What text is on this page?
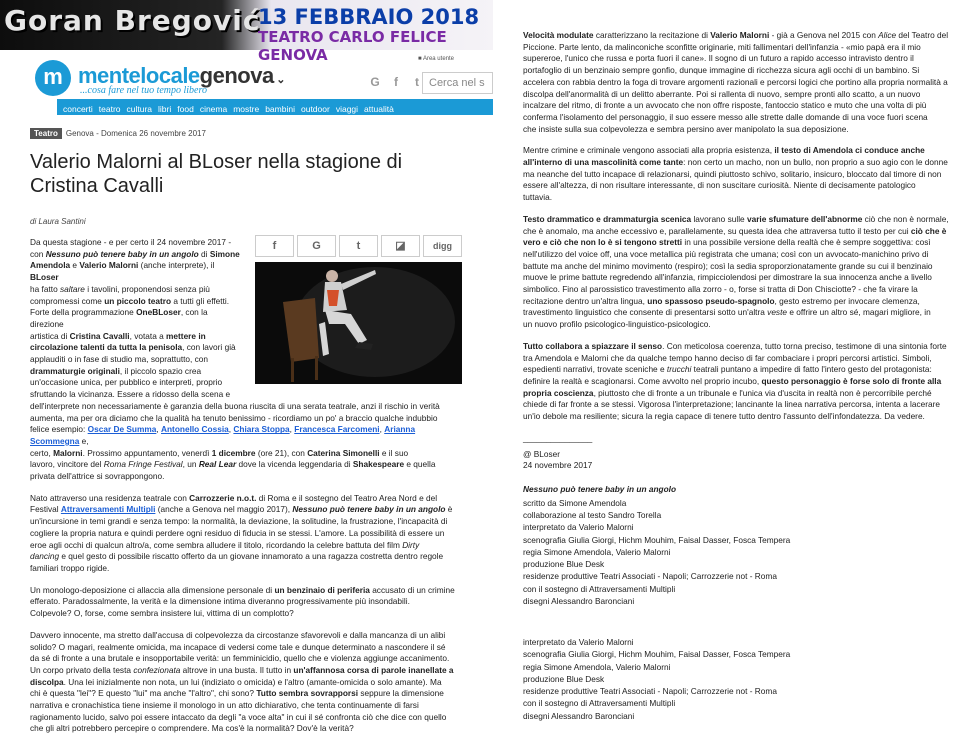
Goran Bregović
13 FEBBRAIO 2018
TEATRO CARLO FELICE GENOVA
m mentelocalegenova ⌄
...cosa fare nel tuo tempo libero
■ Area utente
G f t Cerca nel s
concerti teatro cultura libri food cinema mostre bambini outdoor viaggi attualità
f	G	t	◪	digg
Teatro Genova - Domenica 26 novembre 2017
Valerio Malorni al BLoser nella stagione di Cristina Cavalli
di Laura Santini
Da questa stagione - e per certo il 24 novembre 2017 -
con Nessuno può tenere baby in un angolo di Simone
Amendola e Valerio Malorni (anche interprete), il BLoser
ha fatto saltare i tavolini, proponendosi senza più
compromessi come un piccolo teatro a tutti gli effetti.
Forte della programmazione OneBLoser, con la direzione
artistica di Cristina Cavalli, votata a mettere in
circolazione talenti da tutta la penisola, con lavori già
applauditi o in fase di studio ma, soprattutto, con
drammaturgie originali, il piccolo spazio crea
un'occasione unica, per pubblico e interpreti, proprio
sfruttando la vicinanza. Essere a ridosso della scena e
dell'interprete non necessariamente è garanzia della buona riuscita di una serata teatrale, anzi il rischio in verità
aumenta, ma per ora diciamo che la qualità ha tenuto benissimo - ricordiamo un po' a braccio qualche indubbio
felice esempio: Oscar De Summa, Antonello Cossia, Chiara Stoppa, Francesca Farcomeni, Arianna Scommegna e,
certo, Malorni. Prossimo appuntamento, venerdì 1 dicembre (ore 21), con Caterina Simonelli e il suo
lavoro, vincitore del Roma Fringe Festival, un Real Lear dove la vicenda leggendaria di Shakespeare e quella
privata dell'attrice si sovrappongono.

Nato attraverso una residenza teatrale con Carrozzerie n.o.t. di Roma e il sostegno del Teatro Area Nord e del
Festival Attraversamenti Multipli (anche a Genova nel maggio 2017), Nessuno può tenere baby in un angolo è
un'incursione in temi grandi e senza tempo: la normalità, la deviazione, la solitudine, la frustrazione, l'incapacità di
cogliere la propria natura e quindi perdere ogni residuo di fiducia in se stessi. L'amore. La possibilità di essere un
eroe agli occhi di qualcun altro/a, come sembra alludere il titolo, ricordando la celebre battuta del film Dirty
dancing e quel gesto di possibile riscatto offerto da un giovane innamorato a una ragazza costretta dentro regole
familiari troppo rigide.

Un monologo-deposizione ci allaccia alla dimensione personale di un benzinaio di periferia accusato di un crimine
efferato. Paradossalmente, la verità e la dimensione intima diveranno progressivamente più insondabili.
Colpevole? O, forse, come sembra insistere lui, vittima di un complotto?

Davvero innocente, ma stretto dall'accusa di colpevolezza da circostanze sfavorevoli e dalla mancanza di un alibi
solido? O magari, realmente omicida, ma incapace di vedersi come tale e dunque determinato a nascondere il sé
da sé di fronte a una brutale e insopportabile verità: un femminicidio, quello che e violenza aggiunge accanimento.
Un corpo privato della testa confezionata altrove in una busta. Il tutto in un'affannosa corsa di parole inanellate a
discolpa. Una lei inizialmente non nota, un lui (indiziato o omicida) e l'altro (amante-omicida o solo amante). Ma
chi è questa "lei"? E questo "lui" ma anche "l'altro", chi sono? Tutto sembra sovrapporsi seppure la dimensione
narrativa e cronachistica tiene insieme il monologo in un atto dichiarativo, che tenta continuamente di farsi
ragionamento lucido, salvo poi essere intaccato da degli "a voce alta" in cui il sé confronta ciò che dice con quello
che gli altri potrebbero percepire o comprendere. Ma cos'è la normalità? Dov'è la verità?

Velocità modulate caratterizzano la recitazione di Valerio Malorni - già a Genova nel 2015 con Alice del Teatro del
Piccione. Parte lento, da malinconiche sconfitte originarie, miti fallimentari dell'infanzia - «mio papà era il mio
supereroe, l'unico che russa e porta fuori il cane». Il sogno di un futuro a rapido accesso intravisto dentro il
portafoglio di un benzinaio sempre gonfio, dunque immagine di ricchezza sicura agli occhi di un bambino. Si
accelera con rabbia dentro la foga di trovare argomenti razionali e percorsi logici che portino alla propria normalità a
discolpa dell'anormalità di un delitto aberrante. Poi si rallenta di nuovo, sempre pronti allo scatto, a un nuovo
incalzare del ritmo, di fronte a un avvocato che non offre risposte, fantoccio statico e muto che una volta di più
conferma l'isolamento del personaggio, il suo essere messo alle strette dalle domande di una voce fuori scena
che insiste sulla sua colpevolezza e sembra persino aver manipolato la sua deposizione.

Mentre crimine e criminale vengono associati alla propria esistenza, il testo di Amendola ci conduce anche
all'interno di una mascolinità come tante: non certo un macho, non un bullo, non proprio a suo agio con le donne
ma neanche del tutto incapace di relazionarsi, quindi piuttosto schivo, solitario, insicuro, bloccato dal timore di non
essere all'altezza, di non risultare interessante, di non suscitare curiosità. Niente di decisamente patologico
tuttavia.

Testo drammatico e drammaturgia scenica lavorano sulle varie sfumature dell'abnorme ciò che non è normale,
che è anomalo, ma anche eccessivo e, parallelamente, su questa idea che attraversa tutto il testo per cui ciò che è
vero e ciò che non lo è si tengono stretti in una possibile versione della realtà che è sempre soggettiva: così
nell'utilizzo del voice off, una voce metallica più registrata che umana; così con un avvocato-manichino privo di
battute ma anche del minimo movimento (respiro); così la sedia sproporzionatamente grande su cui il benzinaio
muove le prime battute regredendo all'infanzia, rimpicciolendosi per dimostrare la sua innocenza anche a livello
simbolico. Fino al parossistico travestimento alla zorro - o, forse si tratta di Don Chisciotte? - che fa virare la
recitazione dentro un'altra lingua, uno spassoso pseudo-spagnolo, gesto estremo per invocare clemenza,
travestimento linguistico che consente di presentarsi sotto un'altra veste e offrire un altro sé, magari migliore, in
un nuovo profilo psicologico-linguistico-psicologico.

Tutto collabora a spiazzare il senso. Con meticolosa coerenza, tutto torna preciso, testimone di una sintonia forte
tra Amendola e Malorni che da qualche tempo hanno deciso di far combaciare i propri percorsi artistici. Simboli,
espedienti narrativi, trovate sceniche e trucchi teatrali puntano a impedire di fatto l'intero gesto del protagonista:
definire la realtà e scagionarsi. Come avvolto nel proprio incubo, questo personaggio è forse solo di fronte alla
propria coscienza, piuttosto che di fronte a un tribunale e l'unica via d'uscita in realtà non è percorribile perché
chiede di far fronte a se stessi. Vigorosa l'interpretazione; lancinante la linea narrativa percorsa, intenta a lacerare
un'io debole ma resiliente; sicura la regia capace di tenere tutto dentro l'assunto dell'infondatezza. Da vedere.

_______________
@ BLoser
24 novembre 2017
Nessuno può tenere baby in un angolo
scritto da Simone Amendola
collaborazione al testo Sandro Torella
interpretato da Valerio Malorni
scenografia Giulia Giorgi, Hichm Mouhim, Faisal Dasser, Fosca Tempera
regia Simone Amendola, Valerio Malorni
produzione Blue Desk
residenze produttive Teatri Associati - Napoli; Carrozzerie not - Roma
con il sostegno di Attraversamenti Multipli
disegni Alessandro Baronciani
interpretato da Valerio Malorni
scenografia Giulia Giorgi, Hichm Mouhim, Faisal Dasser, Fosca Tempera
regia Simone Amendola, Valerio Malorni
produzione Blue Desk
residenze produttive Teatri Associati - Napoli; Carrozzerie not - Roma
con il sostegno di Attraversamenti Multipli
disegni Alessandro Baronciani
